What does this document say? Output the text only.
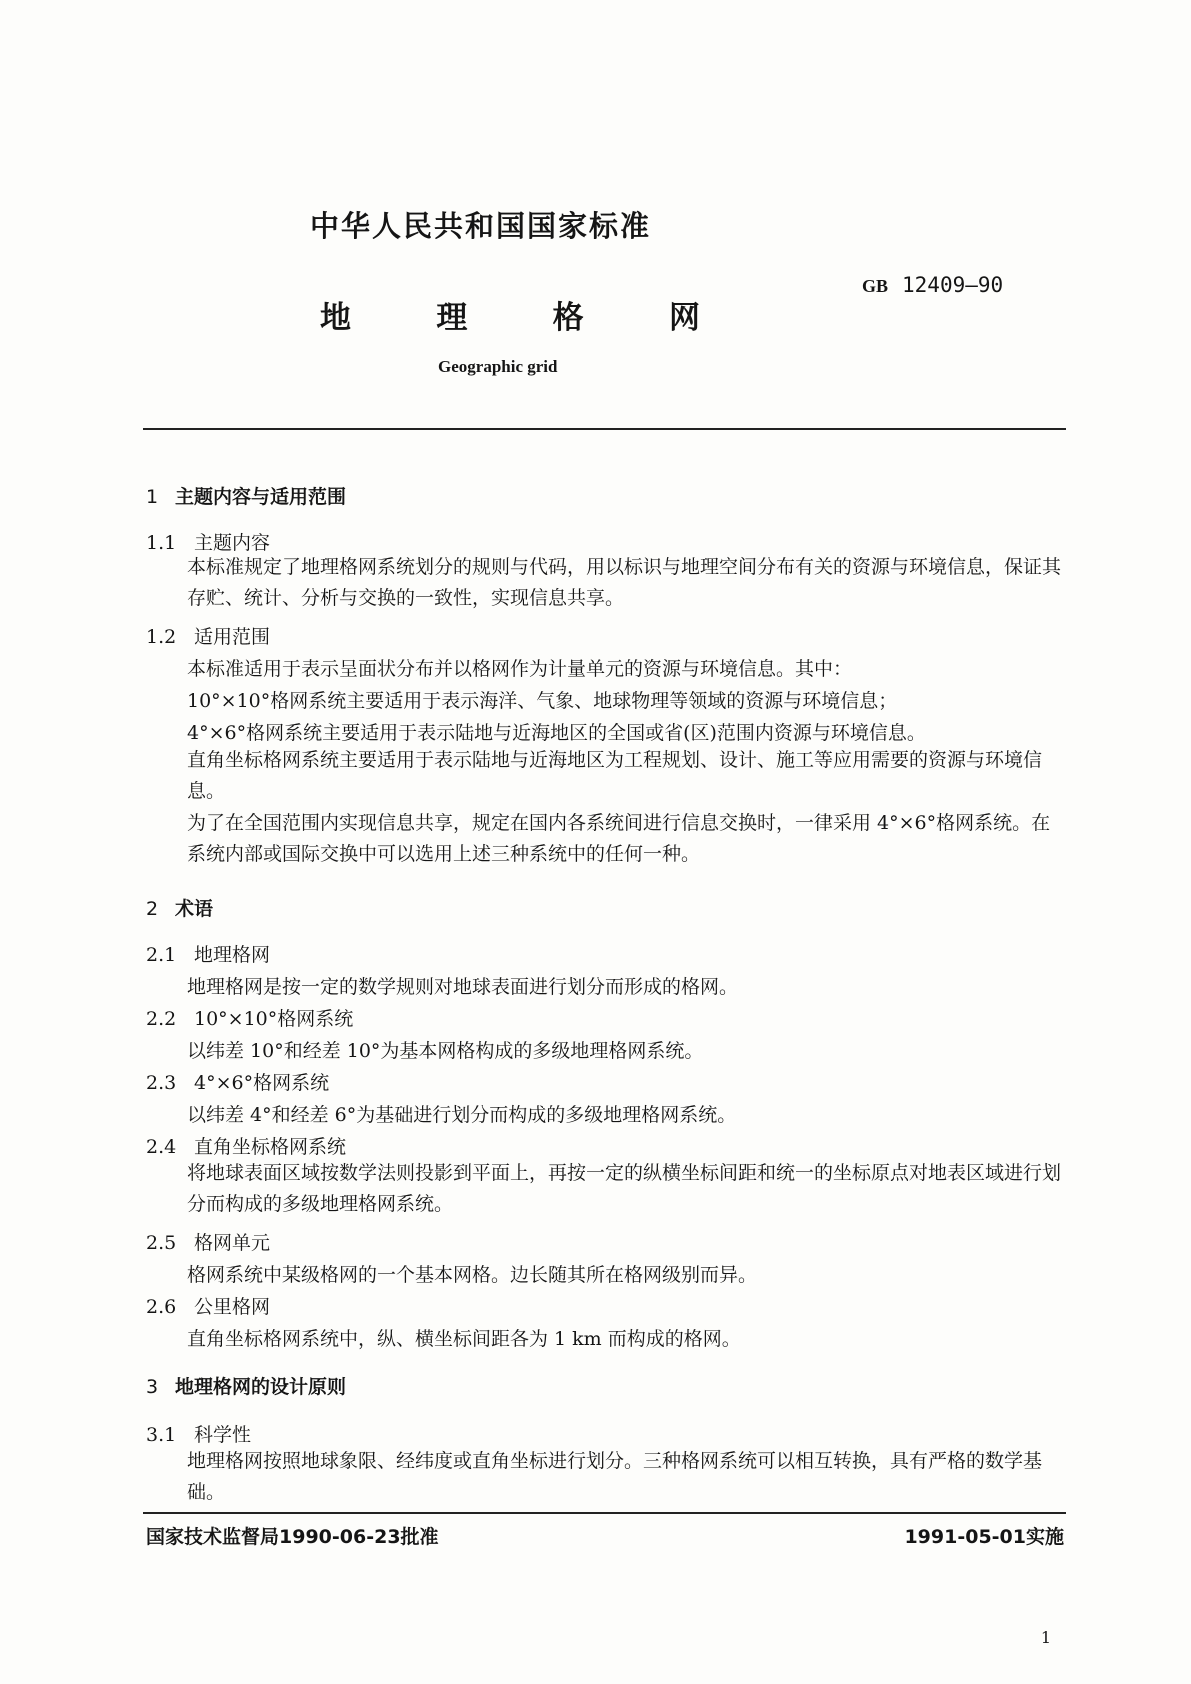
中华人民共和国国家标准
GB 12409—90
地	理	格	网
Geographic grid
1 主题内容与适用范围
1.1 主题内容
本标准规定了地理格网系统划分的规则与代码，用以标识与地理空间分布有关的资源与环境信息，保证其存贮、统计、分析与交换的一致性，实现信息共享。
1.2 适用范围
本标准适用于表示呈面状分布并以格网作为计量单元的资源与环境信息。其中：
10°×10°格网系统主要适用于表示海洋、气象、地球物理等领域的资源与环境信息；
4°×6°格网系统主要适用于表示陆地与近海地区的全国或省(区)范围内资源与环境信息。
直角坐标格网系统主要适用于表示陆地与近海地区为工程规划、设计、施工等应用需要的资源与环境信息。
为了在全国范围内实现信息共享，规定在国内各系统间进行信息交换时，一律采用 4°×6°格网系统。在系统内部或国际交换中可以选用上述三种系统中的任何一种。
2 术语
2.1 地理格网
地理格网是按一定的数学规则对地球表面进行划分而形成的格网。
2.2 10°×10°格网系统
以纬差 10°和经差 10°为基本网格构成的多级地理格网系统。
2.3 4°×6°格网系统
以纬差 4°和经差 6°为基础进行划分而构成的多级地理格网系统。
2.4 直角坐标格网系统
将地球表面区域按数学法则投影到平面上，再按一定的纵横坐标间距和统一的坐标原点对地表区域进行划分而构成的多级地理格网系统。
2.5 格网单元
格网系统中某级格网的一个基本网格。边长随其所在格网级别而异。
2.6 公里格网
直角坐标格网系统中，纵、横坐标间距各为 1 km 而构成的格网。
3 地理格网的设计原则
3.1 科学性
地理格网按照地球象限、经纬度或直角坐标进行划分。三种格网系统可以相互转换，具有严格的数学基础。
国家技术监督局1990-06-23批准	1991-05-01实施
1
